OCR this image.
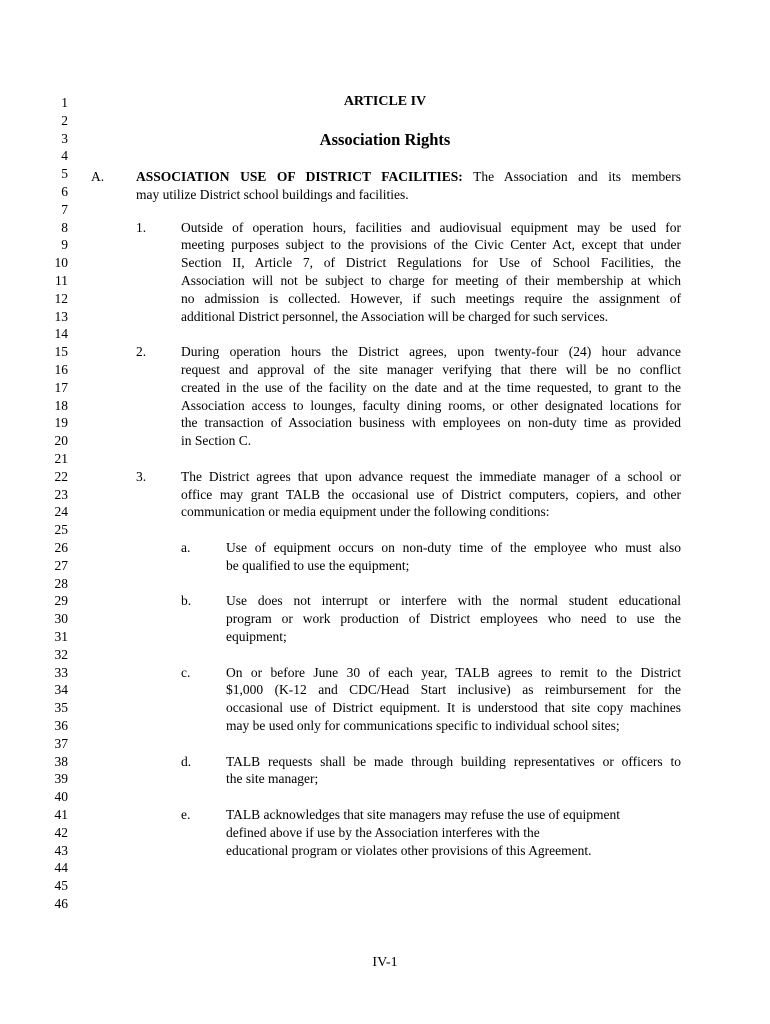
1
2
3
4
5
6
7
8
9
10
11
12
13
14
15
16
17
18
19
20
21
22
23
24
25
26
27
28
29
30
31
32
33
34
35
36
37
38
39
40
41
42
43
44
45
46
ARTICLE IV
Association Rights
A. ASSOCIATION USE OF DISTRICT FACILITIES: The Association and its members
may utilize District school buildings and facilities.
1.	Outside of operation hours, facilities and audiovisual equipment may be used for
meeting purposes subject to the provisions of the Civic Center Act, except that under
Section II, Article 7, of District Regulations for Use of School Facilities, the
Association will not be subject to charge for meeting of their membership at which
no admission is collected. However, if such meetings require the assignment of
additional District personnel, the Association will be charged for such services.
2.	During operation hours the District agrees, upon twenty-four (24) hour advance
request and approval of the site manager verifying that there will be no conflict
created in the use of the facility on the date and at the time requested, to grant to the
Association access to lounges, faculty dining rooms, or other designated locations for
the transaction of Association business with employees on non-duty time as provided
in Section C.
3.	The District agrees that upon advance request the immediate manager of a school or
office may grant TALB the occasional use of District computers, copiers, and other
communication or media equipment under the following conditions:
a.	Use of equipment occurs on non-duty time of the employee who must also
be qualified to use the equipment;
b.	Use does not interrupt or interfere with the normal student educational
program or work production of District employees who need to use the
equipment;
c.	On or before June 30 of each year, TALB agrees to remit to the District
$1,000 (K-12 and CDC/Head Start inclusive) as reimbursement for the
occasional use of District equipment. It is understood that site copy machines
may be used only for communications specific to individual school sites;
d.	TALB requests shall be made through building representatives or officers to
the site manager;
e.	TALB acknowledges that site managers may refuse the use of equipment
defined above if use by the Association interferes with the
educational program or violates other provisions of this Agreement.
IV-1
